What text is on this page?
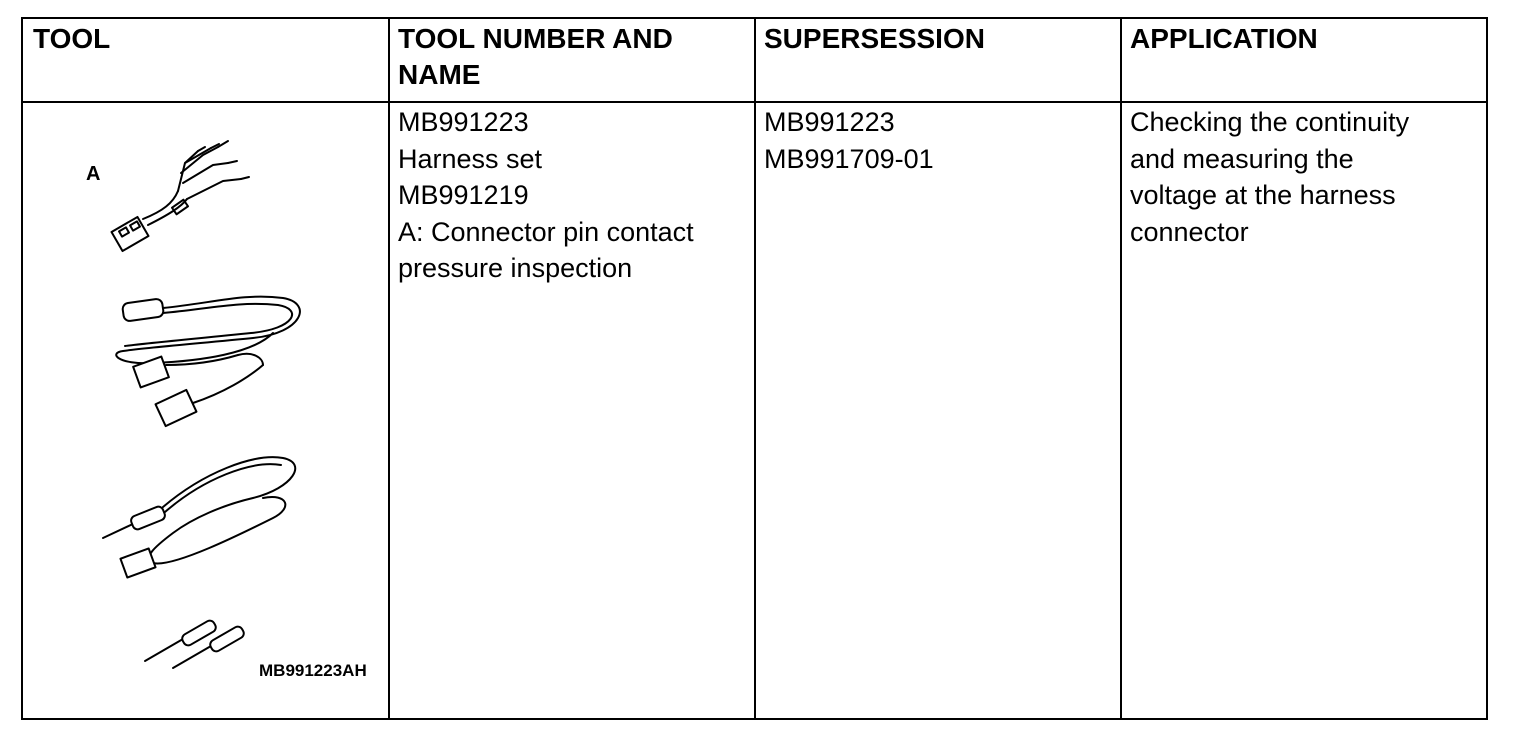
TOOL	TOOL NUMBER AND
NAME
SUPERSESSION	APPLICATION
A
MB991223AH
MB991223
Harness set
MB991219
A: Connector pin contact
pressure inspection
MB991223
MB991709-01
Checking the continuity
and measuring the
voltage at the harness
connector
